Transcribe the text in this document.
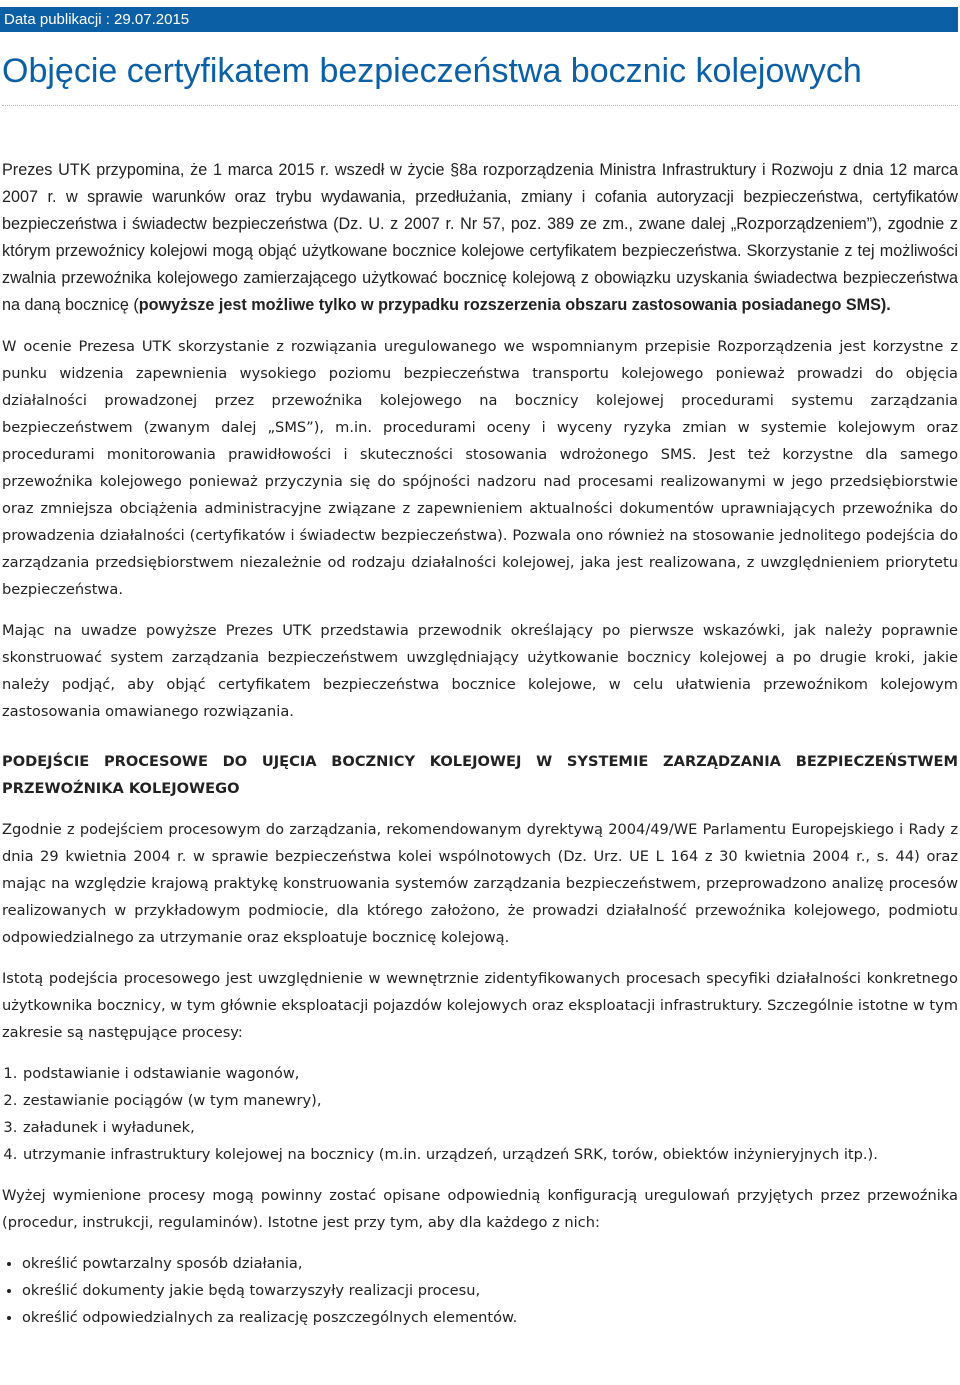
Data publikacji : 29.07.2015
Objęcie certyfikatem bezpieczeństwa bocznic kolejowych

Prezes UTK przypomina, że 1 marca 2015 r. wszedł w życie §8a rozporządzenia Ministra Infrastruktury i Rozwoju z dnia 12 marca 2007 r. w sprawie warunków oraz trybu wydawania, przedłużania, zmiany i cofania autoryzacji bezpieczeństwa, certyfikatów bezpieczeństwa i świadectw bezpieczeństwa (Dz. U. z 2007 r. Nr 57, poz. 389 ze zm., zwane dalej „Rozporządzeniem”), zgodnie z którym przewoźnicy kolejowi mogą objąć użytkowane bocznice kolejowe certyfikatem bezpieczeństwa. Skorzystanie z tej możliwości zwalnia przewoźnika kolejowego zamierzającego użytkować bocznicę kolejową z obowiązku uzyskania świadectwa bezpieczeństwa na daną bocznicę (powyższe jest możliwe tylko w przypadku rozszerzenia obszaru zastosowania posiadanego SMS).

W ocenie Prezesa UTK skorzystanie z rozwiązania uregulowanego we wspomnianym przepisie Rozporządzenia jest korzystne z punku widzenia zapewnienia wysokiego poziomu bezpieczeństwa transportu kolejowego ponieważ prowadzi do objęcia działalności prowadzonej przez przewoźnika kolejowego na bocznicy kolejowej procedurami systemu zarządzania bezpieczeństwem (zwanym dalej „SMS”), m.in. procedurami oceny i wyceny ryzyka zmian w systemie kolejowym oraz procedurami monitorowania prawidłowości i skuteczności stosowania wdrożonego SMS. Jest też korzystne dla samego przewoźnika kolejowego ponieważ przyczynia się do spójności nadzoru nad procesami realizowanymi w jego przedsiębiorstwie oraz zmniejsza obciążenia administracyjne związane z zapewnieniem aktualności dokumentów uprawniających przewoźnika do prowadzenia działalności (certyfikatów i świadectw bezpieczeństwa). Pozwala ono również na stosowanie jednolitego podejścia do zarządzania przedsiębiorstwem niezależnie od rodzaju działalności kolejowej, jaka jest realizowana, z uwzględnieniem priorytetu bezpieczeństwa.

Mając na uwadze powyższe Prezes UTK przedstawia przewodnik określający po pierwsze wskazówki, jak należy poprawnie skonstruować system zarządzania bezpieczeństwem uwzględniający użytkowanie bocznicy kolejowej a po drugie kroki, jakie należy podjąć, aby objąć certyfikatem bezpieczeństwa bocznice kolejowe, w celu ułatwienia przewoźnikom kolejowym zastosowania omawianego rozwiązania.

PODEJŚCIE PROCESOWE DO UJĘCIA BOCZNICY KOLEJOWEJ W SYSTEMIE ZARZĄDZANIA BEZPIECZEŃSTWEM PRZEWOŹNIKA KOLEJOWEGO

Zgodnie z podejściem procesowym do zarządzania, rekomendowanym dyrektywą 2004/49/WE Parlamentu Europejskiego i Rady z dnia 29 kwietnia 2004 r. w sprawie bezpieczeństwa kolei wspólnotowych (Dz. Urz. UE L 164 z 30 kwietnia 2004 r., s. 44) oraz mając na względzie krajową praktykę konstruowania systemów zarządzania bezpieczeństwem, przeprowadzono analizę procesów realizowanych w przykładowym podmiocie, dla którego założono, że prowadzi działalność przewoźnika kolejowego, podmiotu odpowiedzialnego za utrzymanie oraz eksploatuje bocznicę kolejową.

Istotą podejścia procesowego jest uwzględnienie w wewnętrznie zidentyfikowanych procesach specyfiki działalności konkretnego użytkownika bocznicy, w tym głównie eksploatacji pojazdów kolejowych oraz eksploatacji infrastruktury. Szczególnie istotne w tym zakresie są następujące procesy:

1. podstawianie i odstawianie wagonów,
2. zestawianie pociągów (w tym manewry),
3. załadunek i wyładunek,
4. utrzymanie infrastruktury kolejowej na bocznicy (m.in. urządzeń, urządzeń SRK, torów, obiektów inżynieryjnych itp.).

Wyżej wymienione procesy mogą powinny zostać opisane odpowiednią konfiguracją uregulowań przyjętych przez przewoźnika (procedur, instrukcji, regulaminów). Istotne jest przy tym, aby dla każdego z nich:

• określić powtarzalny sposób działania,
• określić dokumenty jakie będą towarzyszyły realizacji procesu,
• określić odpowiedzialnych za realizację poszczególnych elementów.
